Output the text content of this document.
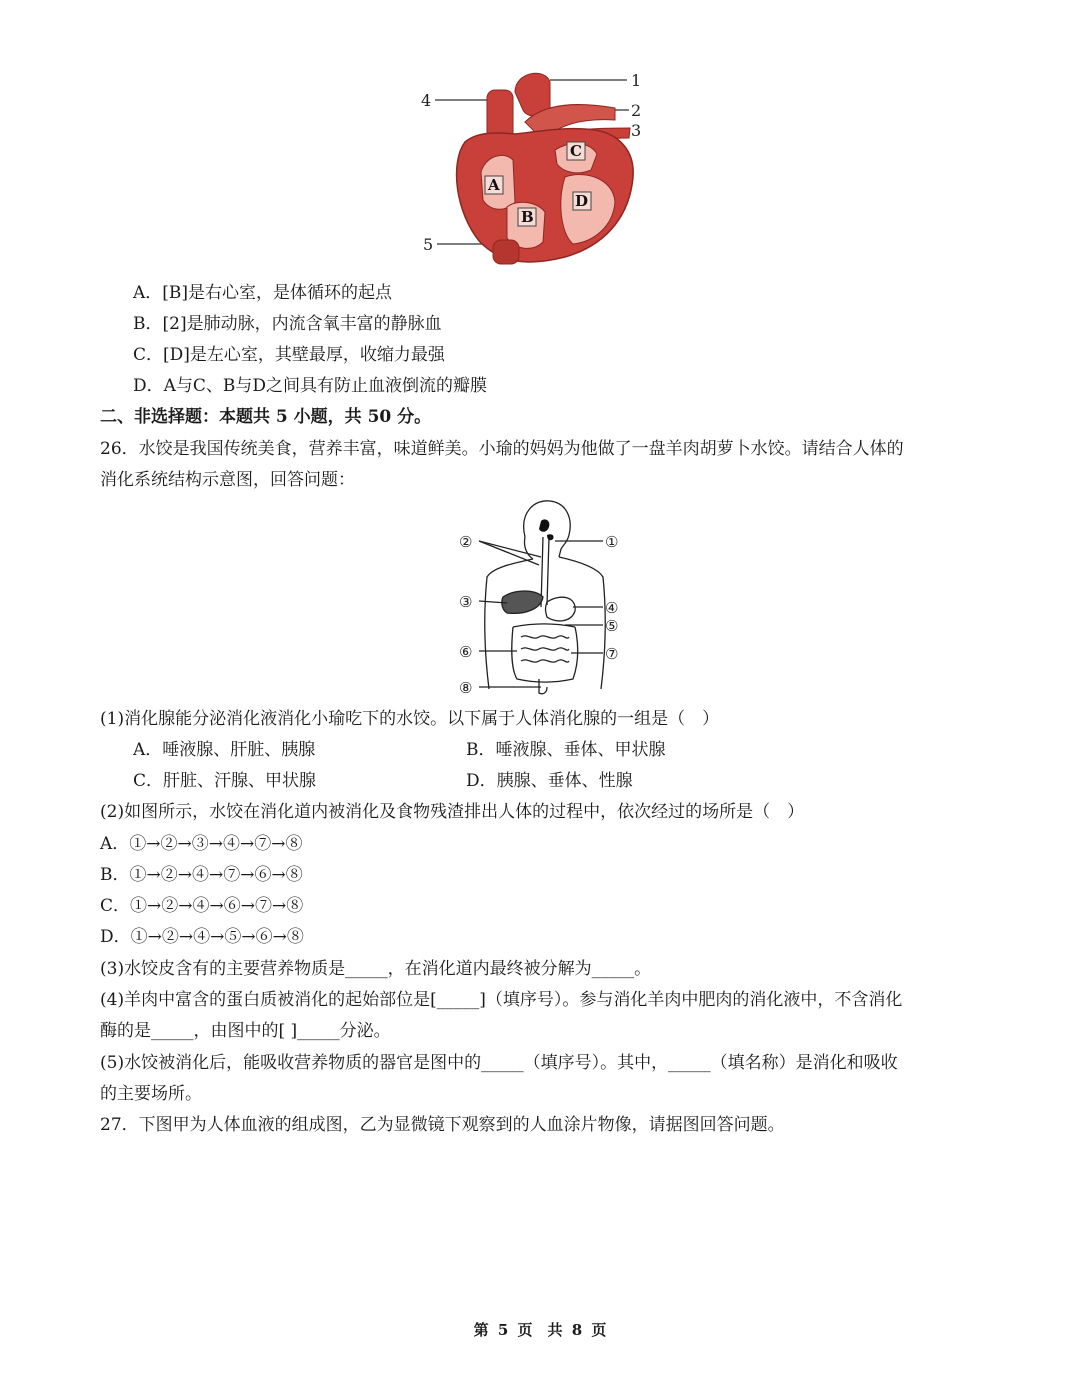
A
B
C
D
1
2
3
4
5
A．[B]是右心室，是体循环的起点
B．[2]是肺动脉，内流含氧丰富的静脉血
C．[D]是左心室，其壁最厚，收缩力最强
D．A与C、B与D之间具有防止血液倒流的瓣膜
二、非选择题：本题共 5 小题，共 50 分。
26．水饺是我国传统美食，营养丰富，味道鲜美。小瑜的妈妈为他做了一盘羊肉胡萝卜水饺。请结合人体的
消化系统结构示意图，回答问题：
②	①
③	④
⑤
⑥	⑦
⑧
(1)消化腺能分泌消化液消化小瑜吃下的水饺。以下属于人体消化腺的一组是（　）
A．唾液腺、肝脏、胰腺	B．唾液腺、垂体、甲状腺
C．肝脏、汗腺、甲状腺	D．胰腺、垂体、性腺
(2)如图所示，水饺在消化道内被消化及食物残渣排出人体的过程中，依次经过的场所是（　）
A．①→②→③→④→⑦→⑧
B．①→②→④→⑦→⑥→⑧
C．①→②→④→⑥→⑦→⑧
D．①→②→④→⑤→⑥→⑧
(3)水饺皮含有的主要营养物质是_____，在消化道内最终被分解为_____。
(4)羊肉中富含的蛋白质被消化的起始部位是[_____]（填序号）。参与消化羊肉中肥肉的消化液中，不含消化
酶的是_____，由图中的[ ]_____分泌。
(5)水饺被消化后，能吸收营养物质的器官是图中的_____（填序号）。其中，_____（填名称）是消化和吸收
的主要场所。
27．下图甲为人体血液的组成图，乙为显微镜下观察到的人血涂片物像，请据图回答问题。
第 5 页　共 8 页
